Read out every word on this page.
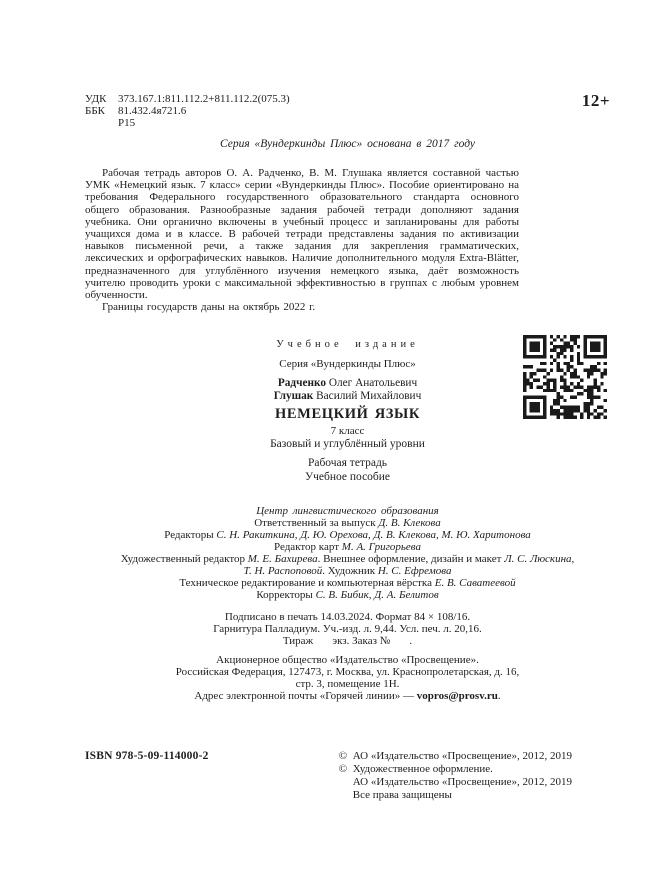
УДК	373.167.1:811.112.2+811.112.2(075.3)
ББК	81.432.4я721.6
Р15
12+
Серия «Вундеркинды Плюс» основана в 2017 году

Рабочая тетрадь авторов О. А. Радченко, В. М. Глушака является составной частью УМК «Немецкий язык. 7 класс» серии «Вундеркинды Плюс». Пособие ориентировано на требования Федерального государственного образовательного стандарта основного общего образования. Разнообразные задания рабочей тетради дополняют задания учебника. Они органично включены в учебный процесс и запланированы для работы учащихся дома и в классе. В рабочей тетради представлены задания по активизации навыков письменной речи, а также задания для закрепления грамматических, лексических и орфографических навыков. Наличие дополнительного модуля Extra-Blätter, предназначенного для углублённого изучения немецкого языка, даёт возможность учителю проводить уроки с максимальной эффективностью в группах с любым уровнем обученности.

Границы государств даны на октябрь 2022 г.

Учебное издание
Серия «Вундеркинды Плюс»
Радченко Олег Анатольевич
Глушак Василий Михайлович
НЕМЕЦКИЙ ЯЗЫК
7 класс
Базовый и углублённый уровни
Рабочая тетрадь
Учебное пособие
Центр лингвистического образования
Ответственный за выпуск Д. В. Клекова
Редакторы С. Н. Ракиткина, Д. Ю. Орехова, Д. В. Клекова, М. Ю. Харитонова
Редактор карт М. А. Григорьева
Художественный редактор М. Е. Бахирева. Внешнее оформление, дизайн и макет Л. С. Люскина,
Т. Н. Распоповой. Художник Н. С. Ефремова
Техническое редактирование и компьютерная вёрстка Е. В. Саватеевой
Корректоры С. В. Бибик, Д. А. Белитов
Подписано в печать 14.03.2024. Формат 84 × 108/16.
Гарнитура Палладиум. Уч.-изд. л. 9,44. Усл. печ. л. 20,16.
Тираж       экз. Заказ №       .
Акционерное общество «Издательство «Просвещение».
Российская Федерация, 127473, г. Москва, ул. Краснопролетарская, д. 16,
стр. 3, помещение 1Н.
Адрес электронной почты «Горячей линии» — vopros@prosv.ru.
ISBN 978-5-09-114000-2	© АО «Издательство «Просвещение», 2012, 2019
© Художественное оформление.
АО «Издательство «Просвещение», 2012, 2019
Все права защищены
